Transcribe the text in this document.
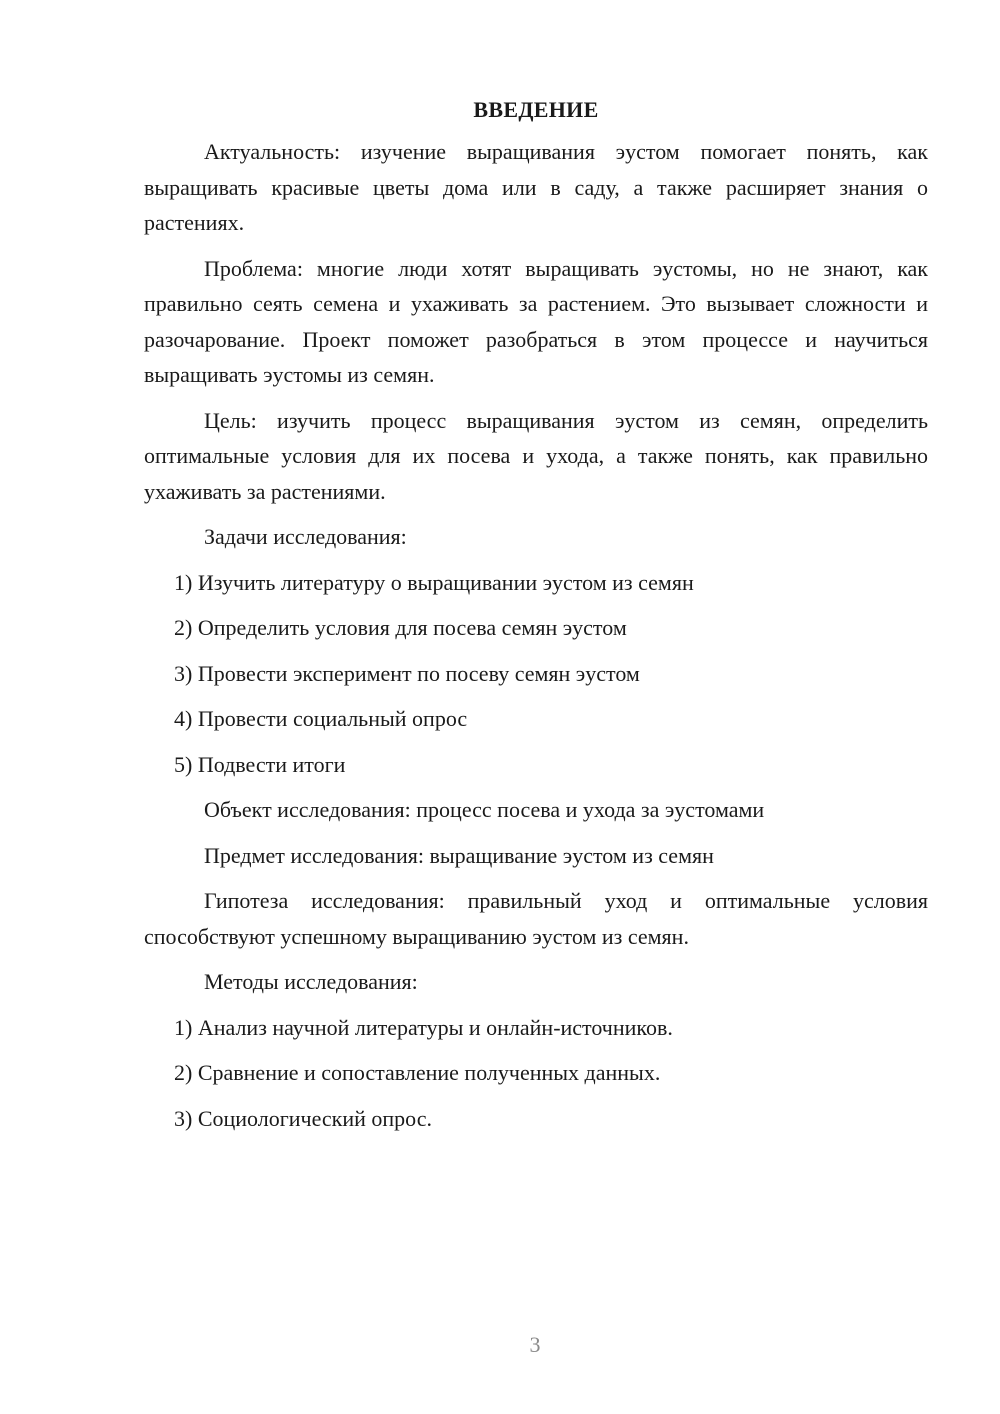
ВВЕДЕНИЕ

Актуальность: изучение выращивания эустом помогает понять, как выращивать красивые цветы дома или в саду, а также расширяет знания о растениях.

Проблема: многие люди хотят выращивать эустомы, но не знают, как правильно сеять семена и ухаживать за растением. Это вызывает сложности и разочарование. Проект поможет разобраться в этом процессе и научиться выращивать эустомы из семян.

Цель: изучить процесс выращивания эустом из семян, определить оптимальные условия для их посева и ухода, а также понять, как правильно ухаживать за растениями.

Задачи исследования:

1) Изучить литературу о выращивании эустом из семян

2) Определить условия для посева семян эустом

3) Провести эксперимент по посеву семян эустом

4) Провести социальный опрос

5) Подвести итоги

Объект исследования: процесс посева и ухода за эустомами

Предмет исследования: выращивание эустом из семян

Гипотеза исследования: правильный уход и оптимальные условия способствуют успешному выращиванию эустом из семян.

Методы исследования:

1) Анализ научной литературы и онлайн-источников.

2) Сравнение и сопоставление полученных данных.

3) Социологический опрос.

3
